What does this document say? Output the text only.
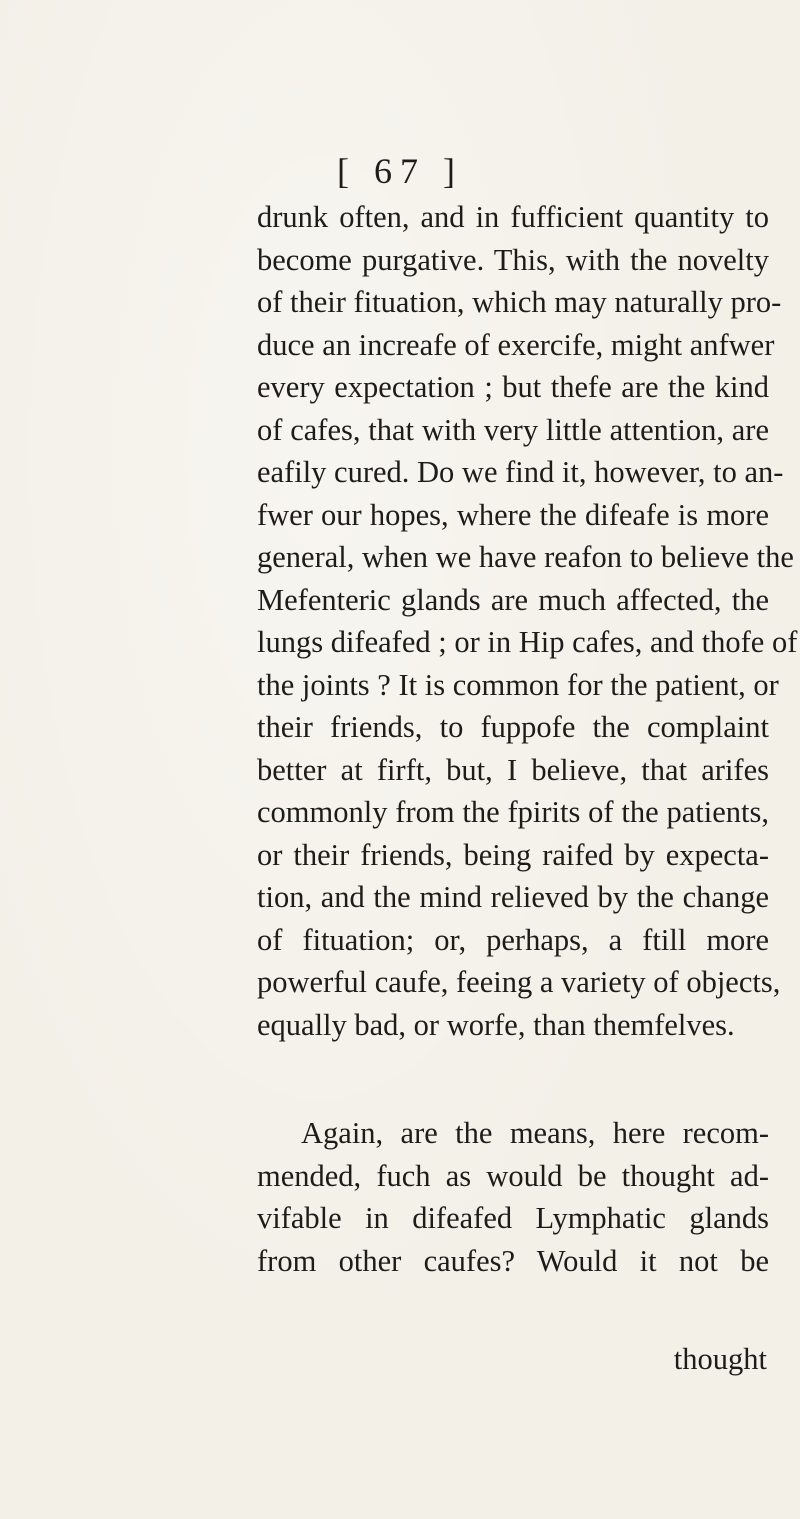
[ 67 ]
drunk often, and in fufficient quantity to
become purgative. This, with the novelty
of their fituation, which may naturally pro-
duce an increafe of exercife, might anfwer
every expectation ; but thefe are the kind
of cafes, that with very little attention, are
eafily cured. Do we find it, however, to an-
fwer our hopes, where the difeafe is more
general, when we have reafon to believe the
Mefenteric glands are much affected, the
lungs difeafed ; or in Hip cafes, and thofe of
the joints ? It is common for the patient, or
their friends, to fuppofe the complaint
better at firft, but, I believe, that arifes
commonly from the fpirits of the patients,
or their friends, being raifed by expecta-
tion, and the mind relieved by the change
of fituation; or, perhaps, a ftill more
powerful caufe, feeing a variety of objects,
equally bad, or worfe, than themfelves.
Again, are the means, here recom-
mended, fuch as would be thought ad-
vifable in difeafed Lymphatic glands
from other caufes? Would it not be
thought
